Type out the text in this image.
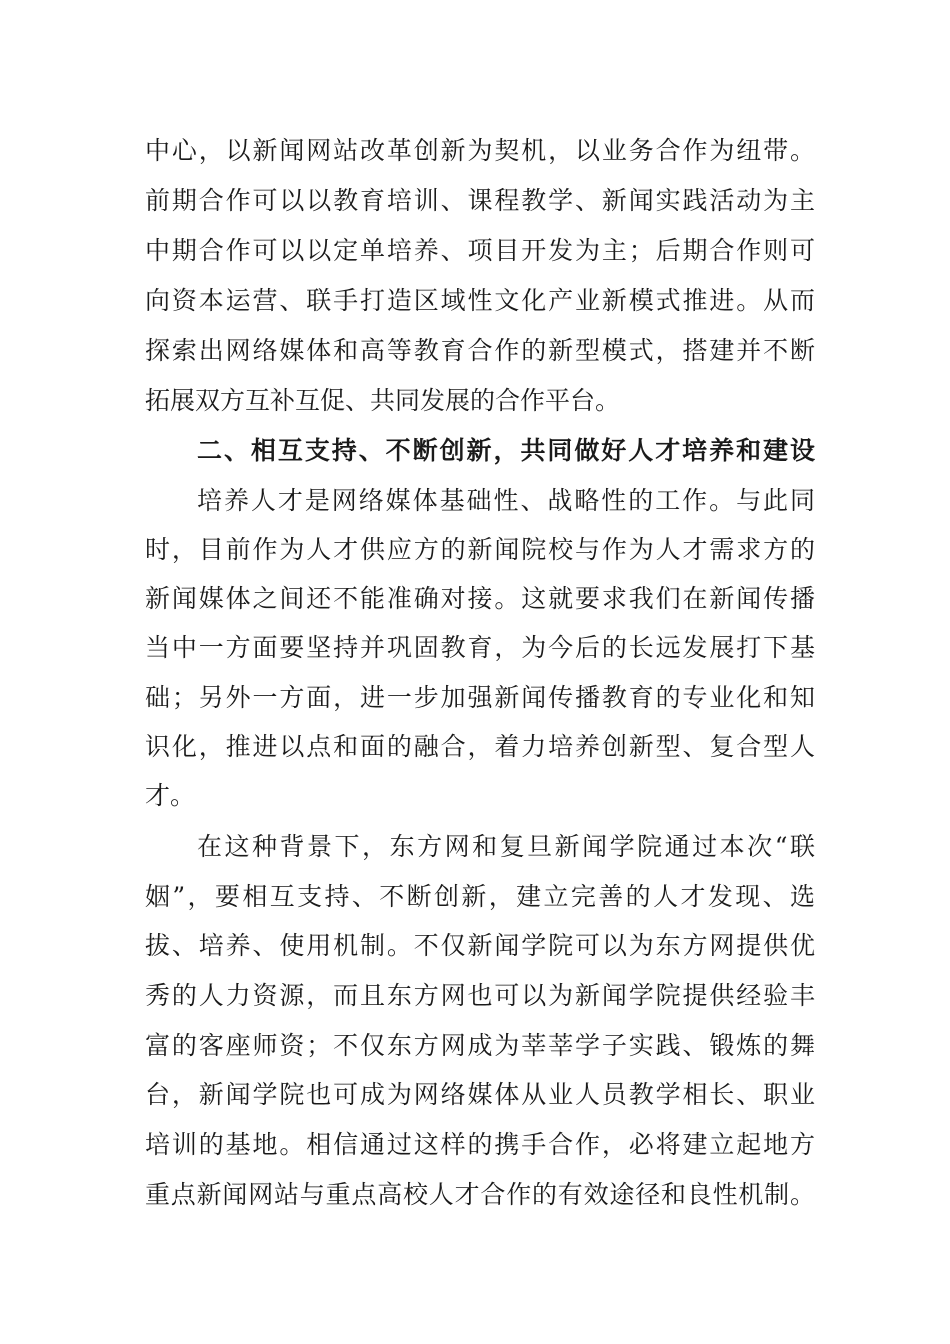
中心，以新闻网站改革创新为契机，以业务合作为纽带。
前期合作可以以教育培训、课程教学、新闻实践活动为主
中期合作可以以定单培养、项目开发为主；后期合作则可
向资本运营、联手打造区域性文化产业新模式推进。从而
探索出网络媒体和高等教育合作的新型模式，搭建并不断
拓展双方互补互促、共同发展的合作平台。
二、相互支持、不断创新，共同做好人才培养和建设
培养人才是网络媒体基础性、战略性的工作。与此同
时，目前作为人才供应方的新闻院校与作为人才需求方的
新闻媒体之间还不能准确对接。这就要求我们在新闻传播
当中一方面要坚持并巩固教育，为今后的长远发展打下基
础；另外一方面，进一步加强新闻传播教育的专业化和知
识化，推进以点和面的融合，着力培养创新型、复合型人
才。
在这种背景下，东方网和复旦新闻学院通过本次“联
姻”，要相互支持、不断创新，建立完善的人才发现、选
拔、培养、使用机制。不仅新闻学院可以为东方网提供优
秀的人力资源，而且东方网也可以为新闻学院提供经验丰
富的客座师资；不仅东方网成为莘莘学子实践、锻炼的舞
台，新闻学院也可成为网络媒体从业人员教学相长、职业
培训的基地。相信通过这样的携手合作，必将建立起地方
重点新闻网站与重点高校人才合作的有效途径和良性机制。
